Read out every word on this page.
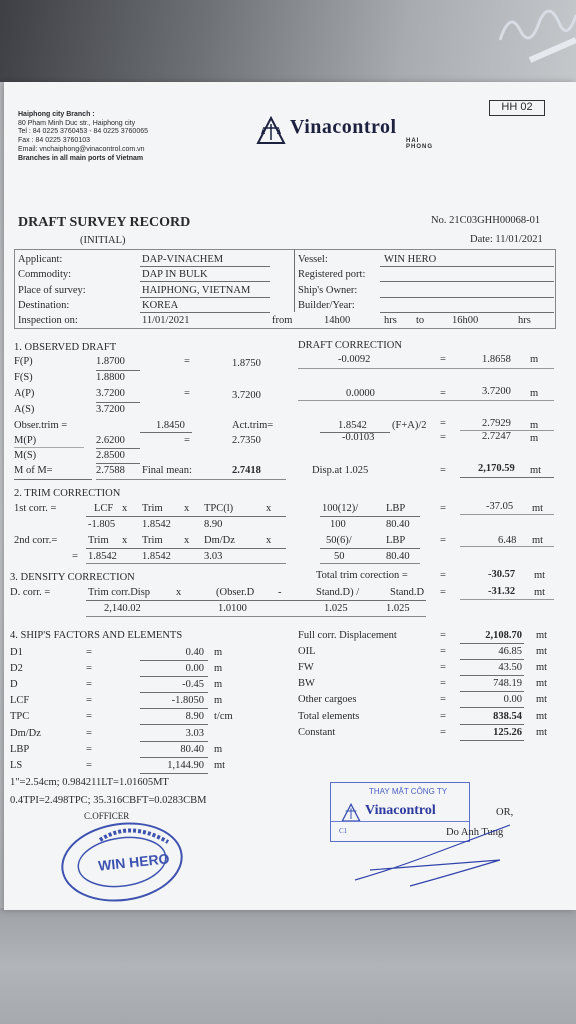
HH 02
Haiphong city Branch :
80 Pham Minh Duc str., Haiphong city
Tel : 84 0225 3760453 - 84 0225 3760065
Fax : 84 0225 3760103
Email: vnchaiphong@vinacontrol.com.vn
Branches in all main ports of Vietnam
Vinacontrol
HAI PHONG
DRAFT SURVEY RECORD
(INITIAL)
No. 21C03GHH00068-01
Date: 11/01/2021
Applicant:	DAP-VINACHEM
Commodity:	DAP IN BULK
Place of survey:	HAIPHONG, VIETNAM
Destination:	KOREA
Inspection on:	11/01/2021	from	14h00	hrs to	16h00	hrs
Vessel:	WIN HERO
Registered port:
Ship's Owner:
Builder/Year:
1. OBSERVED DRAFT	DRAFT CORRECTION
F(P)	1.8700	=	1.8750	-0.0092	=	1.8658 m
F(S)	1.8800
A(P)	3.7200	=	3.7200	0.0000	=	3.7200 m
A(S)	3.7200
Obser.trim =	1.8450	Act.trim=	1.8542 (F+A)/2 =	2.7929 m
M(P)	2.6200	=	2.7350	-0.0103	=	2.7247 m
M(S)	2.8500
M of M=	2.7588 Final mean:	2.7418	Disp.at 1.025	=	2,170.59 mt
2. TRIM CORRECTION
1st corr. =	LCF x Trim x TPC(l)	x	100(12)/	LBP	=	-37.05 mt
-1.805	1.8542	8.90	100	80.40
2nd corr.=	Trim x Trim x Dm/Dz	x	50(6)/	LBP	=	6.48 mt
= 1.8542 1.8542	3.03	50	80.40
3. DENSITY CORRECTION	Total trim corection =	=	-30.57 mt
D. corr. =	Trim corr.Disp x	(Obser.D -	Stand.D) /	Stand.D =	-31.32 mt
2,140.02	1.0100	1.025	1.025
4. SHIP'S FACTORS AND ELEMENTS
D1	=	0.40 m
D2	=	0.00 m
D	=	-0.45 m
LCF	=	-1.8050 m
TPC	=	8.90 t/cm
Dm/Dz	=	3.03
LBP	=	80.40 m
LS	=	1,144.90 mt
Full corr. Displacement	=	2,108.70 mt
OIL	=	46.85 mt
FW	=	43.50 mt
BW	=	748.19 mt
Other cargoes	=	0.00 mt
Total elements	=	838.54 mt
Constant	=	125.26 mt
1"=2.54cm; 0.984211LT=1.01605MT
0.4TPI=2.498TPC; 35.316CBFT=0.0283CBM
C.OFFICER
WIN HERO
THAY MẶT CÔNG TY
Vinacontrol
C1
OR,
Do Anh Tung
